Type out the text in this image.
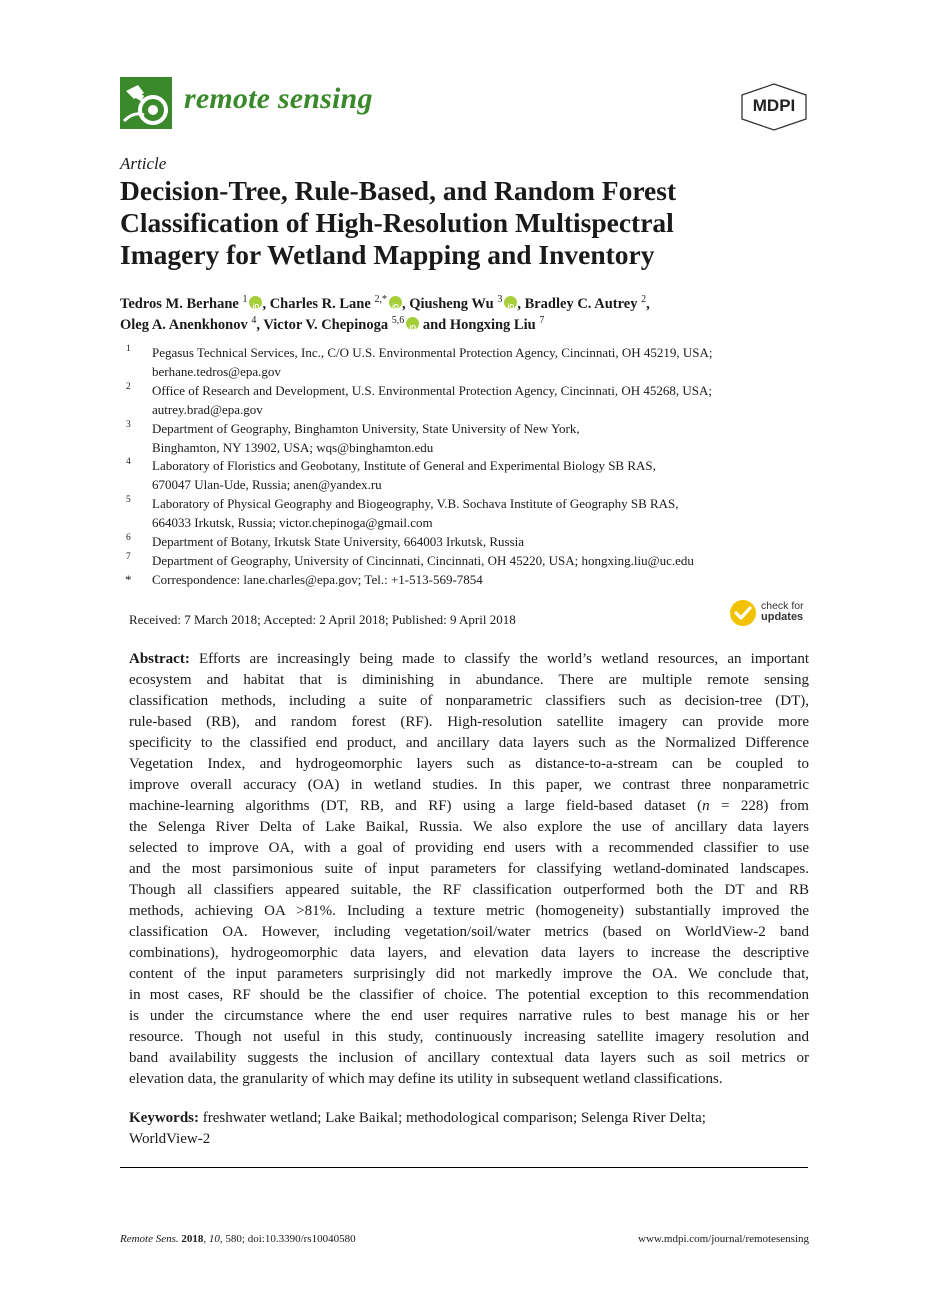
remote sensing	MDPI
Article
Decision-Tree, Rule-Based, and Random Forest
Classification of High-Resolution Multispectral
Imagery for Wetland Mapping and Inventory
Tedros M. Berhane $^1$
iD , Charles R. Lane $^{2,*}$
iD , Qiusheng Wu $^3$
iD , Bradley C. Autrey $^2$,
Oleg A. Anenkhonov $^4$, Victor V. Chepinoga $^{5,6}$
iD and Hongxing Liu $^7$
1 Pegasus Technical Services, Inc., C/O U.S. Environmental Protection Agency, Cincinnati, OH 45219, USA;
berhane.tedros@epa.gov
2 Office of Research and Development, U.S. Environmental Protection Agency, Cincinnati, OH 45268, USA;
autrey.brad@epa.gov
3 Department of Geography, Binghamton University, State University of New York,
Binghamton, NY 13902, USA; wqs@binghamton.edu
4 Laboratory of Floristics and Geobotany, Institute of General and Experimental Biology SB RAS,
670047 Ulan-Ude, Russia; anen@yandex.ru
5 Laboratory of Physical Geography and Biogeography, V.B. Sochava Institute of Geography SB RAS,
664033 Irkutsk, Russia; victor.chepinoga@gmail.com
6 Department of Botany, Irkutsk State University, 664003 Irkutsk, Russia
7 Department of Geography, University of Cincinnati, Cincinnati, OH 45220, USA; hongxing.liu@uc.edu
* Correspondence: lane.charles@epa.gov; Tel.: +1-513-569-7854
Received: 7 March 2018; Accepted: 2 April 2018; Published: 9 April 2018
check for
updates
Abstract: Efforts are increasingly being made to classify the world’s wetland resources, an important
ecosystem and habitat that is diminishing in abundance. There are multiple remote sensing
classification methods, including a suite of nonparametric classifiers such as decision-tree (DT),
rule-based (RB), and random forest (RF). High-resolution satellite imagery can provide more
specificity to the classified end product, and ancillary data layers such as the Normalized Difference
Vegetation Index, and hydrogeomorphic layers such as distance-to-a-stream can be coupled to
improve overall accuracy (OA) in wetland studies. In this paper, we contrast three nonparametric
machine-learning algorithms (DT, RB, and RF) using a large field-based dataset (n = 228) from
the Selenga River Delta of Lake Baikal, Russia. We also explore the use of ancillary data layers
selected to improve OA, with a goal of providing end users with a recommended classifier to use
and the most parsimonious suite of input parameters for classifying wetland-dominated landscapes.
Though all classifiers appeared suitable, the RF classification outperformed both the DT and RB
methods, achieving OA >81%. Including a texture metric (homogeneity) substantially improved the
classification OA. However, including vegetation/soil/water metrics (based on WorldView-2 band
combinations), hydrogeomorphic data layers, and elevation data layers to increase the descriptive
content of the input parameters surprisingly did not markedly improve the OA. We conclude that,
in most cases, RF should be the classifier of choice. The potential exception to this recommendation
is under the circumstance where the end user requires narrative rules to best manage his or her
resource. Though not useful in this study, continuously increasing satellite imagery resolution and
band availability suggests the inclusion of ancillary contextual data layers such as soil metrics or
elevation data, the granularity of which may define its utility in subsequent wetland classifications.
Keywords: freshwater wetland; Lake Baikal; methodological comparison; Selenga River Delta;
WorldView-2
Remote Sens. 2018, 10, 580; doi:10.3390/rs10040580	www.mdpi.com/journal/remotesensing
